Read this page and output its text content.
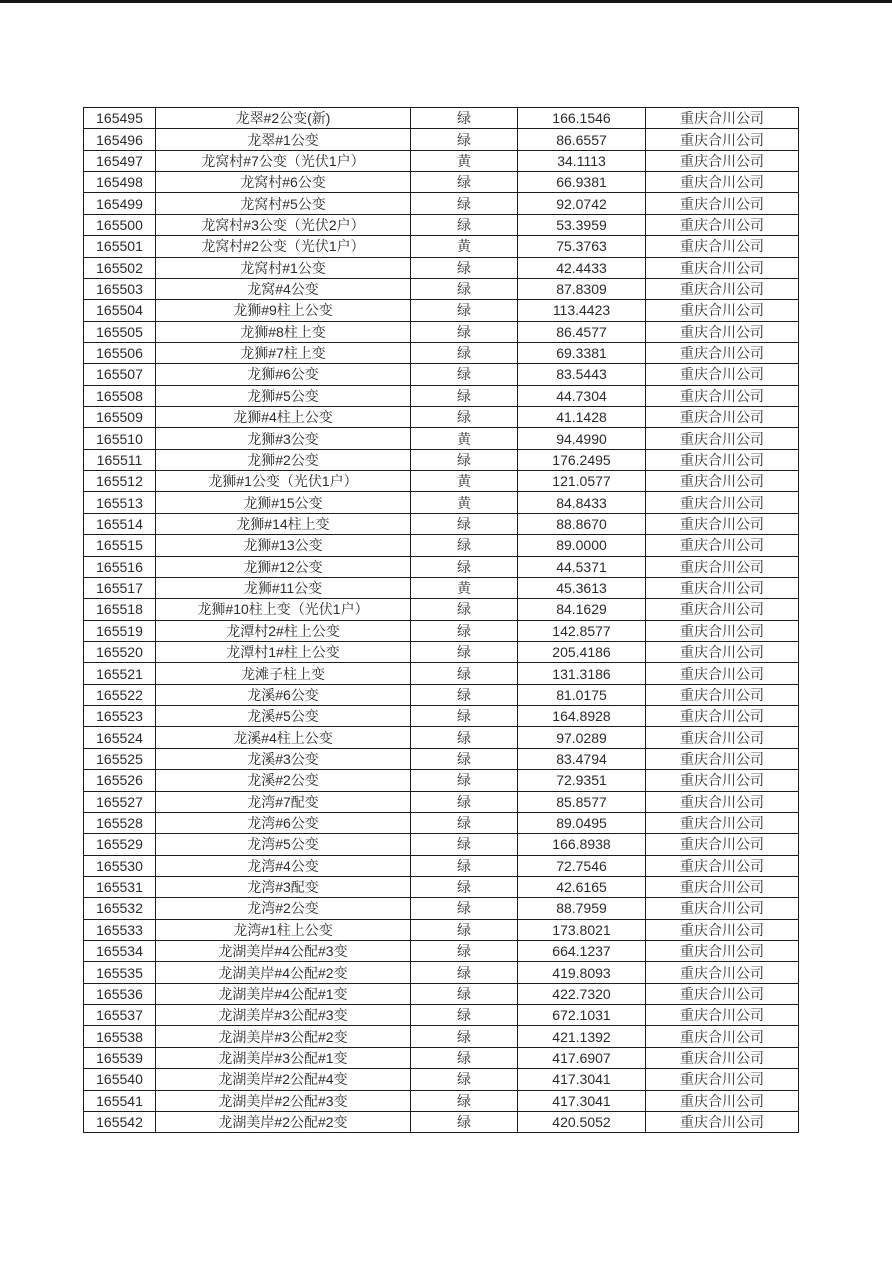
165495	龙翠#2公变(新)	绿	166.1546	重庆合川公司
165496	龙翠#1公变	绿	86.6557	重庆合川公司
165497	龙窝村#7公变（光伏1户）	黄	34.1113	重庆合川公司
165498	龙窝村#6公变	绿	66.9381	重庆合川公司
165499	龙窝村#5公变	绿	92.0742	重庆合川公司
165500	龙窝村#3公变（光伏2户）	绿	53.3959	重庆合川公司
165501	龙窝村#2公变（光伏1户）	黄	75.3763	重庆合川公司
165502	龙窝村#1公变	绿	42.4433	重庆合川公司
165503	龙窝#4公变	绿	87.8309	重庆合川公司
165504	龙狮#9柱上公变	绿	113.4423	重庆合川公司
165505	龙狮#8柱上变	绿	86.4577	重庆合川公司
165506	龙狮#7柱上变	绿	69.3381	重庆合川公司
165507	龙狮#6公变	绿	83.5443	重庆合川公司
165508	龙狮#5公变	绿	44.7304	重庆合川公司
165509	龙狮#4柱上公变	绿	41.1428	重庆合川公司
165510	龙狮#3公变	黄	94.4990	重庆合川公司
165511	龙狮#2公变	绿	176.2495	重庆合川公司
165512	龙狮#1公变（光伏1户）	黄	121.0577	重庆合川公司
165513	龙狮#15公变	黄	84.8433	重庆合川公司
165514	龙狮#14柱上变	绿	88.8670	重庆合川公司
165515	龙狮#13公变	绿	89.0000	重庆合川公司
165516	龙狮#12公变	绿	44.5371	重庆合川公司
165517	龙狮#11公变	黄	45.3613	重庆合川公司
165518	龙狮#10柱上变（光伏1户）	绿	84.1629	重庆合川公司
165519	龙潭村2#柱上公变	绿	142.8577	重庆合川公司
165520	龙潭村1#柱上公变	绿	205.4186	重庆合川公司
165521	龙滩子柱上变	绿	131.3186	重庆合川公司
165522	龙溪#6公变	绿	81.0175	重庆合川公司
165523	龙溪#5公变	绿	164.8928	重庆合川公司
165524	龙溪#4柱上公变	绿	97.0289	重庆合川公司
165525	龙溪#3公变	绿	83.4794	重庆合川公司
165526	龙溪#2公变	绿	72.9351	重庆合川公司
165527	龙湾#7配变	绿	85.8577	重庆合川公司
165528	龙湾#6公变	绿	89.0495	重庆合川公司
165529	龙湾#5公变	绿	166.8938	重庆合川公司
165530	龙湾#4公变	绿	72.7546	重庆合川公司
165531	龙湾#3配变	绿	42.6165	重庆合川公司
165532	龙湾#2公变	绿	88.7959	重庆合川公司
165533	龙湾#1柱上公变	绿	173.8021	重庆合川公司
165534	龙湖美岸#4公配#3变	绿	664.1237	重庆合川公司
165535	龙湖美岸#4公配#2变	绿	419.8093	重庆合川公司
165536	龙湖美岸#4公配#1变	绿	422.7320	重庆合川公司
165537	龙湖美岸#3公配#3变	绿	672.1031	重庆合川公司
165538	龙湖美岸#3公配#2变	绿	421.1392	重庆合川公司
165539	龙湖美岸#3公配#1变	绿	417.6907	重庆合川公司
165540	龙湖美岸#2公配#4变	绿	417.3041	重庆合川公司
165541	龙湖美岸#2公配#3变	绿	417.3041	重庆合川公司
165542	龙湖美岸#2公配#2变	绿	420.5052	重庆合川公司
